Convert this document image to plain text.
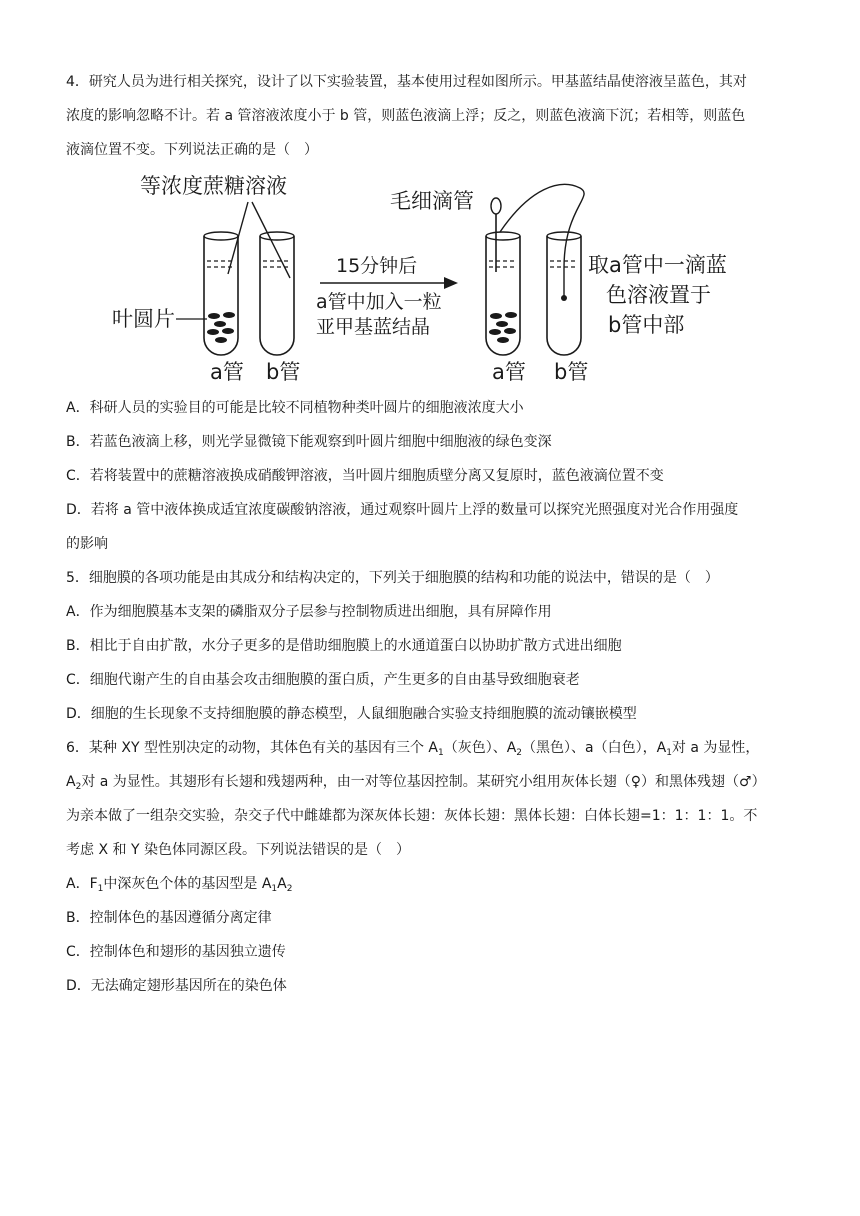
4．研究人员为进行相关探究，设计了以下实验装置，基本使用过程如图所示。甲基蓝结晶使溶液呈蓝色，其对
浓度的影响忽略不计。若 a 管溶液浓度小于 b 管，则蓝色液滴上浮；反之，则蓝色液滴下沉；若相等，则蓝色
液滴位置不变。下列说法正确的是（　）
等浓度蔗糖溶液
叶圆片
a管 b管
15分钟后
a管中加入一粒
亚甲基蓝结晶
毛细滴管
取a管中一滴蓝
色溶液置于
b管中部
a管 b管
A．科研人员的实验目的可能是比较不同植物种类叶圆片的细胞液浓度大小
B．若蓝色液滴上移，则光学显微镜下能观察到叶圆片细胞中细胞液的绿色变深
C．若将装置中的蔗糖溶液换成硝酸钾溶液，当叶圆片细胞质壁分离又复原时，蓝色液滴位置不变
D．若将 a 管中液体换成适宜浓度碳酸钠溶液，通过观察叶圆片上浮的数量可以探究光照强度对光合作用强度
的影响
5．细胞膜的各项功能是由其成分和结构决定的，下列关于细胞膜的结构和功能的说法中，错误的是（　）
A．作为细胞膜基本支架的磷脂双分子层参与控制物质进出细胞，具有屏障作用
B．相比于自由扩散，水分子更多的是借助细胞膜上的水通道蛋白以协助扩散方式进出细胞
C．细胞代谢产生的自由基会攻击细胞膜的蛋白质，产生更多的自由基导致细胞衰老
D．细胞的生长现象不支持细胞膜的静态模型，人鼠细胞融合实验支持细胞膜的流动镶嵌模型
6．某种 XY 型性别决定的动物，其体色有关的基因有三个 $A_1$（灰色）、$A_2$（黑色）、a（白色），$A_1$对 a 为显性，
$A_2$对 a 为显性。其翅形有长翅和残翅两种，由一对等位基因控制。某研究小组用灰体长翅（♀）和黑体残翅（♂）
为亲本做了一组杂交实验，杂交子代中雌雄都为深灰体长翅：灰体长翅：黑体长翅：白体长翅=1：1：1：1。不
考虑 X 和 Y 染色体同源区段。下列说法错误的是（　）
A．$F_1$中深灰色个体的基因型是 $A_1A_2$
B．控制体色的基因遵循分离定律
C．控制体色和翅形的基因独立遗传
D．无法确定翅形基因所在的染色体
